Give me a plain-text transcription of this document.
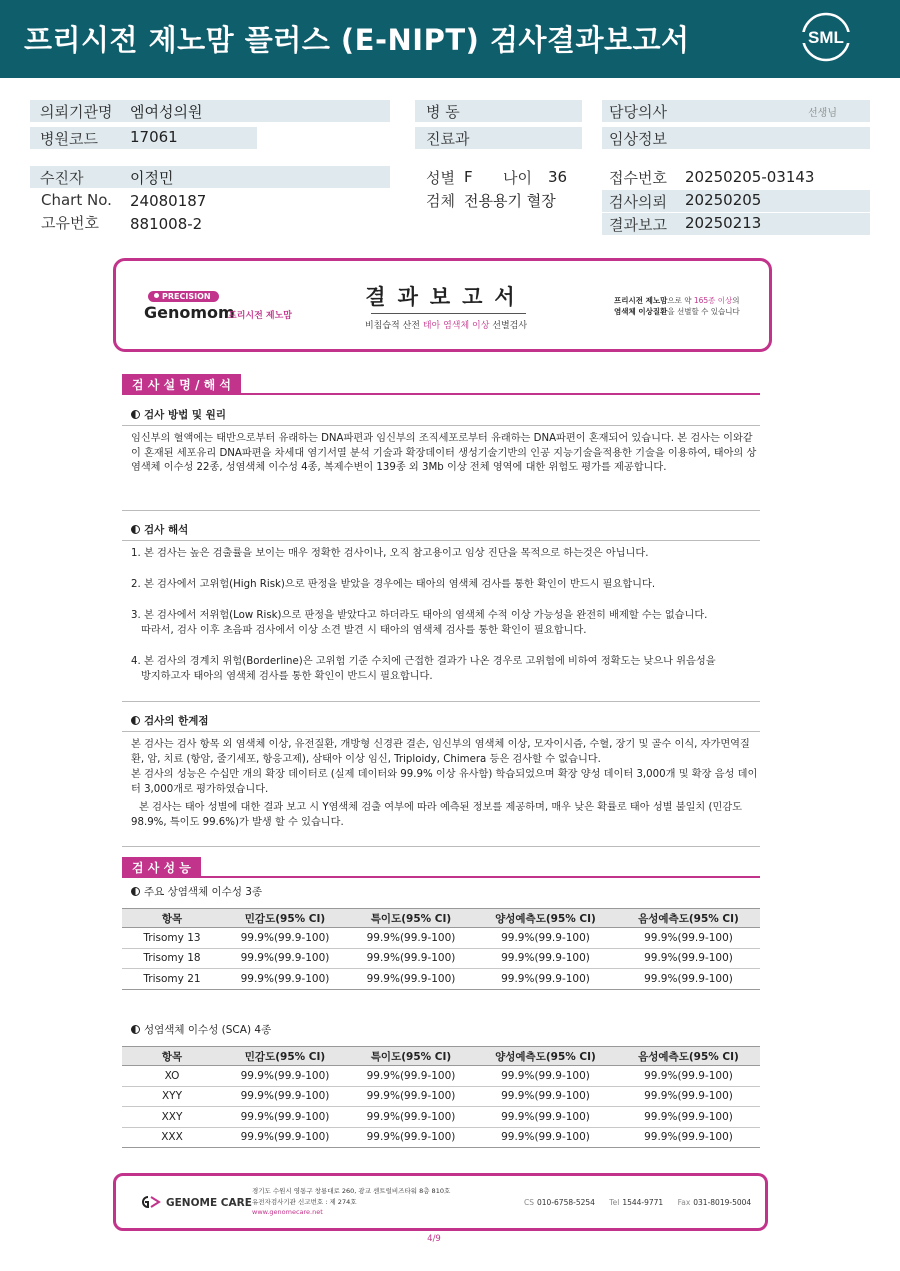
프리시전 제노맘 플러스 (E-NIPT) 검사결과보고서	SML
의뢰기관명 엠여성의원
병원코드 17061
병 동
진료과
담당의사	선생님
임상정보
수진자	이정민
Chart No. 24080187
고유번호 881008-2
성별 F 나이 36
검체 전용용기 혈장
접수번호 20250205-03143
검사의뢰 20250205
결과보고 20250213
PRECISION
Genomom
프리시전 제노맘
결과보고서
비침습적 산전 태아 염색체 이상 선별검사
프리시전 제노맘으로 약 165종 이상의
염색체 이상질환을 선별할 수 있습니다
검 사 설 명 / 해 석
검사 방법 및 원리
임신부의 혈액에는 태반으로부터 유래하는 DNA파편과 임신부의 조직세포로부터 유래하는 DNA파편이 혼재되어 있습니다. 본 검사는 이와같이 혼재된 세포유리 DNA파편을 차세대 염기서열 분석 기술과 확장데이터 생성기술기반의 인공 지능기술을적용한 기술을 이용하여, 태아의 상염색체 이수성 22종, 성염색체 이수성 4종, 복제수변이 139종 외 3Mb 이상 전체 영역에 대한 위험도 평가를 제공합니다.
검사 해석
1. 본 검사는 높은 검출률을 보이는 매우 정확한 검사이나, 오직 참고용이고 임상 진단을 목적으로 하는것은 아닙니다.
2. 본 검사에서 고위험(High Risk)으로 판정을 받았을 경우에는 태아의 염색체 검사를 통한 확인이 반드시 필요합니다.
3. 본 검사에서 저위험(Low Risk)으로 판정을 받았다고 하더라도 태아의 염색체 수적 이상 가능성을 완전히 배제할 수는 없습니다.
따라서, 검사 이후 초음파 검사에서 이상 소견 발견 시 태아의 염색체 검사를 통한 확인이 필요합니다.
4. 본 검사의 경계치 위험(Borderline)은 고위험 기준 수치에 근접한 결과가 나온 경우로 고위험에 비하여 정확도는 낮으나 위음성을
방지하고자 태아의 염색체 검사를 통한 확인이 반드시 필요합니다.
검사의 한계점
본 검사는 검사 항목 외 염색체 이상, 유전질환, 개방형 신경관 결손, 임신부의 염색체 이상, 모자이시즘, 수혈, 장기 및 골수 이식, 자가면역질환, 암, 치료 (항암, 줄기세포, 항응고제), 삼태아 이상 임신, Triploidy, Chimera 등은 검사할 수 없습니다.
본 검사의 성능은 수십만 개의 확장 데이터로 (실제 데이터와 99.9% 이상 유사함) 학습되었으며 확장 양성 데이터 3,000개 및 확장 음성 데이터 3,000개로 평가하였습니다.
본 검사는 태아 성별에 대한 결과 보고 시 Y염색체 검출 여부에 따라 예측된 정보를 제공하며, 매우 낮은 확률로 태아 성별 불일치 (민감도 98.9%, 특이도 99.6%)가 발생 할 수 있습니다.
검 사 성 능
주요 상염색체 이수성 3종
항목	민감도(95% CI)	특이도(95% CI)	양성예측도(95% CI)	음성예측도(95% CI)
Trisomy 13	99.9%(99.9-100)	99.9%(99.9-100)	99.9%(99.9-100)	99.9%(99.9-100)
Trisomy 18	99.9%(99.9-100)	99.9%(99.9-100)	99.9%(99.9-100)	99.9%(99.9-100)
Trisomy 21	99.9%(99.9-100)	99.9%(99.9-100)	99.9%(99.9-100)	99.9%(99.9-100)
성염색체 이수성 (SCA) 4종
항목	민감도(95% CI)	특이도(95% CI)	양성예측도(95% CI)	음성예측도(95% CI)
XO	99.9%(99.9-100)	99.9%(99.9-100)	99.9%(99.9-100)	99.9%(99.9-100)
XYY	99.9%(99.9-100)	99.9%(99.9-100)	99.9%(99.9-100)	99.9%(99.9-100)
XXY	99.9%(99.9-100)	99.9%(99.9-100)	99.9%(99.9-100)	99.9%(99.9-100)
XXX	99.9%(99.9-100)	99.9%(99.9-100)	99.9%(99.9-100)	99.9%(99.9-100)
GENOME CARE
경기도 수원시 영통구 창룡대로 260, 광교 센트럴비즈타워 8층 810호
유전자검사기관 신고번호 : 제 274호
www.genomecare.net
CS 010-6758-5254 Tel 1544-9771 Fax 031-8019-5004
4/9
